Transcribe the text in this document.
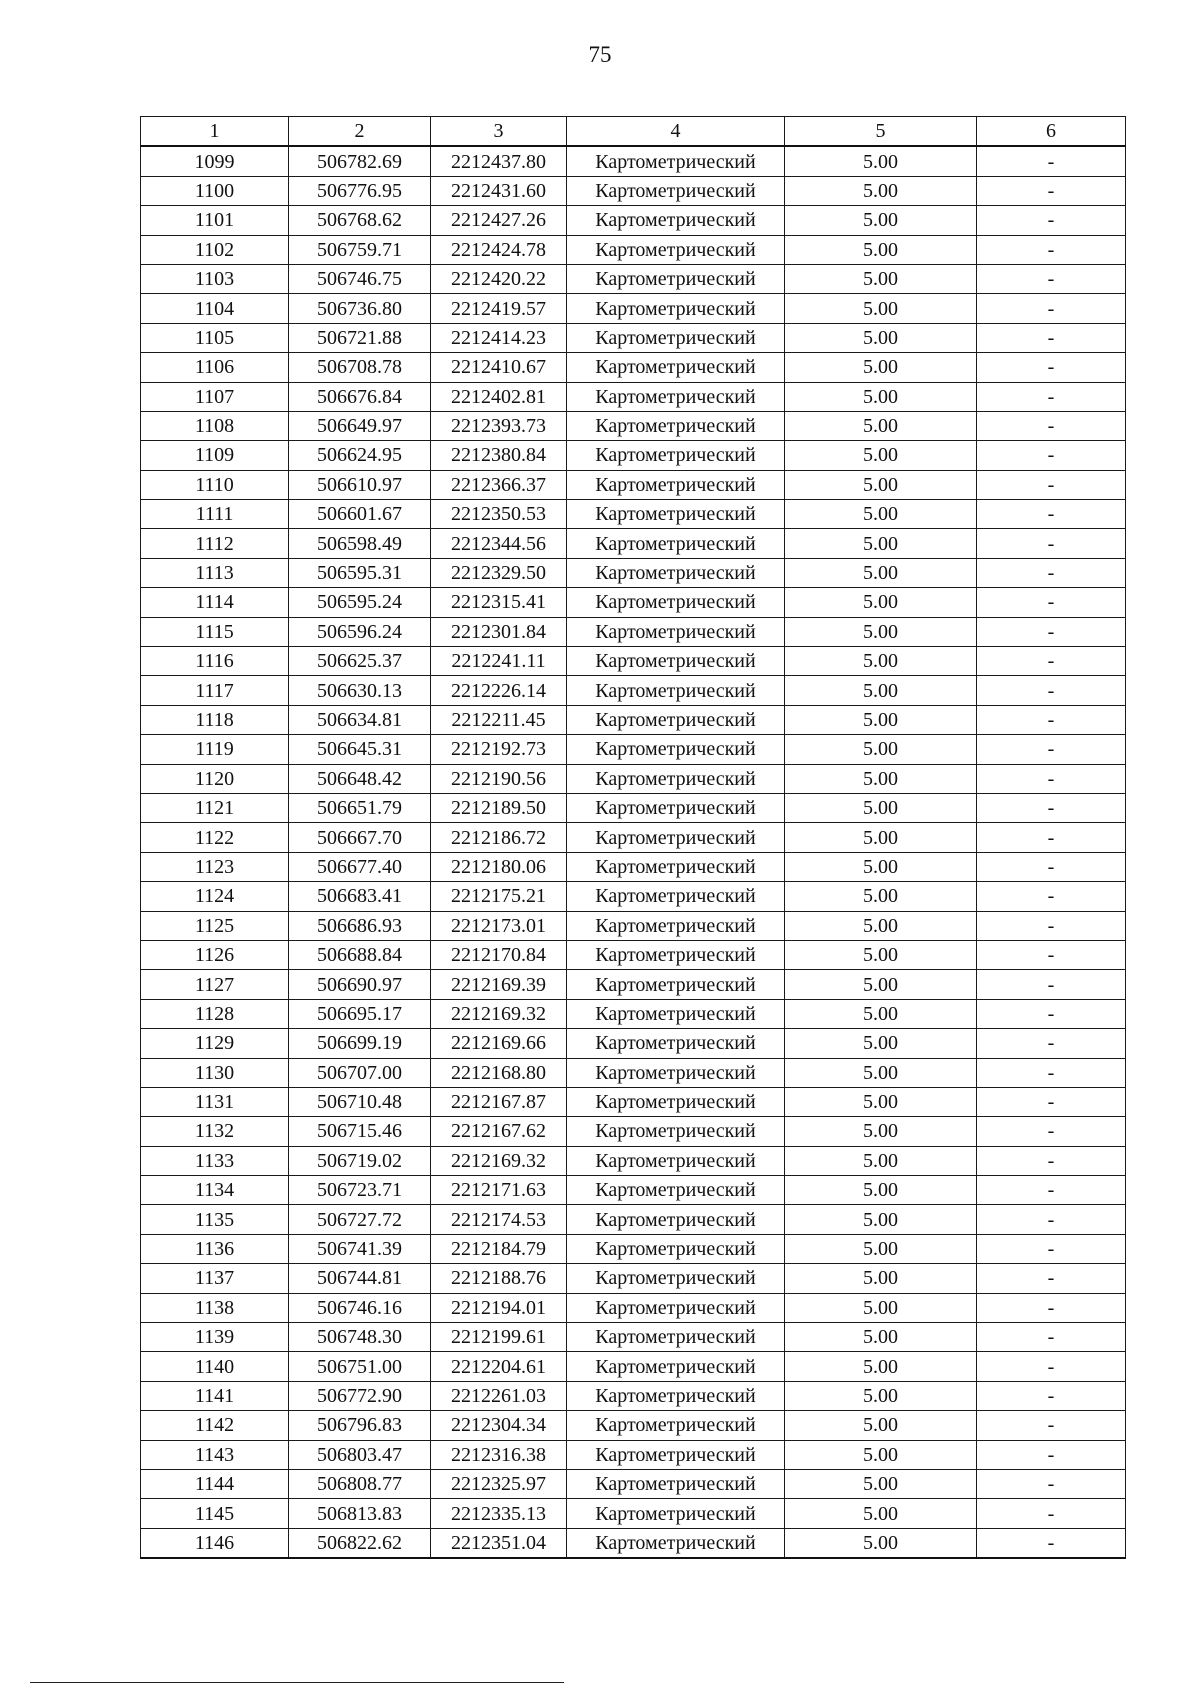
75
1	2	3	4	5	6
1099	506782.69	2212437.80	Картометрический	5.00	-
1100	506776.95	2212431.60	Картометрический	5.00	-
1101	506768.62	2212427.26	Картометрический	5.00	-
1102	506759.71	2212424.78	Картометрический	5.00	-
1103	506746.75	2212420.22	Картометрический	5.00	-
1104	506736.80	2212419.57	Картометрический	5.00	-
1105	506721.88	2212414.23	Картометрический	5.00	-
1106	506708.78	2212410.67	Картометрический	5.00	-
1107	506676.84	2212402.81	Картометрический	5.00	-
1108	506649.97	2212393.73	Картометрический	5.00	-
1109	506624.95	2212380.84	Картометрический	5.00	-
1110	506610.97	2212366.37	Картометрический	5.00	-
1111	506601.67	2212350.53	Картометрический	5.00	-
1112	506598.49	2212344.56	Картометрический	5.00	-
1113	506595.31	2212329.50	Картометрический	5.00	-
1114	506595.24	2212315.41	Картометрический	5.00	-
1115	506596.24	2212301.84	Картометрический	5.00	-
1116	506625.37	2212241.11	Картометрический	5.00	-
1117	506630.13	2212226.14	Картометрический	5.00	-
1118	506634.81	2212211.45	Картометрический	5.00	-
1119	506645.31	2212192.73	Картометрический	5.00	-
1120	506648.42	2212190.56	Картометрический	5.00	-
1121	506651.79	2212189.50	Картометрический	5.00	-
1122	506667.70	2212186.72	Картометрический	5.00	-
1123	506677.40	2212180.06	Картометрический	5.00	-
1124	506683.41	2212175.21	Картометрический	5.00	-
1125	506686.93	2212173.01	Картометрический	5.00	-
1126	506688.84	2212170.84	Картометрический	5.00	-
1127	506690.97	2212169.39	Картометрический	5.00	-
1128	506695.17	2212169.32	Картометрический	5.00	-
1129	506699.19	2212169.66	Картометрический	5.00	-
1130	506707.00	2212168.80	Картометрический	5.00	-
1131	506710.48	2212167.87	Картометрический	5.00	-
1132	506715.46	2212167.62	Картометрический	5.00	-
1133	506719.02	2212169.32	Картометрический	5.00	-
1134	506723.71	2212171.63	Картометрический	5.00	-
1135	506727.72	2212174.53	Картометрический	5.00	-
1136	506741.39	2212184.79	Картометрический	5.00	-
1137	506744.81	2212188.76	Картометрический	5.00	-
1138	506746.16	2212194.01	Картометрический	5.00	-
1139	506748.30	2212199.61	Картометрический	5.00	-
1140	506751.00	2212204.61	Картометрический	5.00	-
1141	506772.90	2212261.03	Картометрический	5.00	-
1142	506796.83	2212304.34	Картометрический	5.00	-
1143	506803.47	2212316.38	Картометрический	5.00	-
1144	506808.77	2212325.97	Картометрический	5.00	-
1145	506813.83	2212335.13	Картометрический	5.00	-
1146	506822.62	2212351.04	Картометрический	5.00	-
